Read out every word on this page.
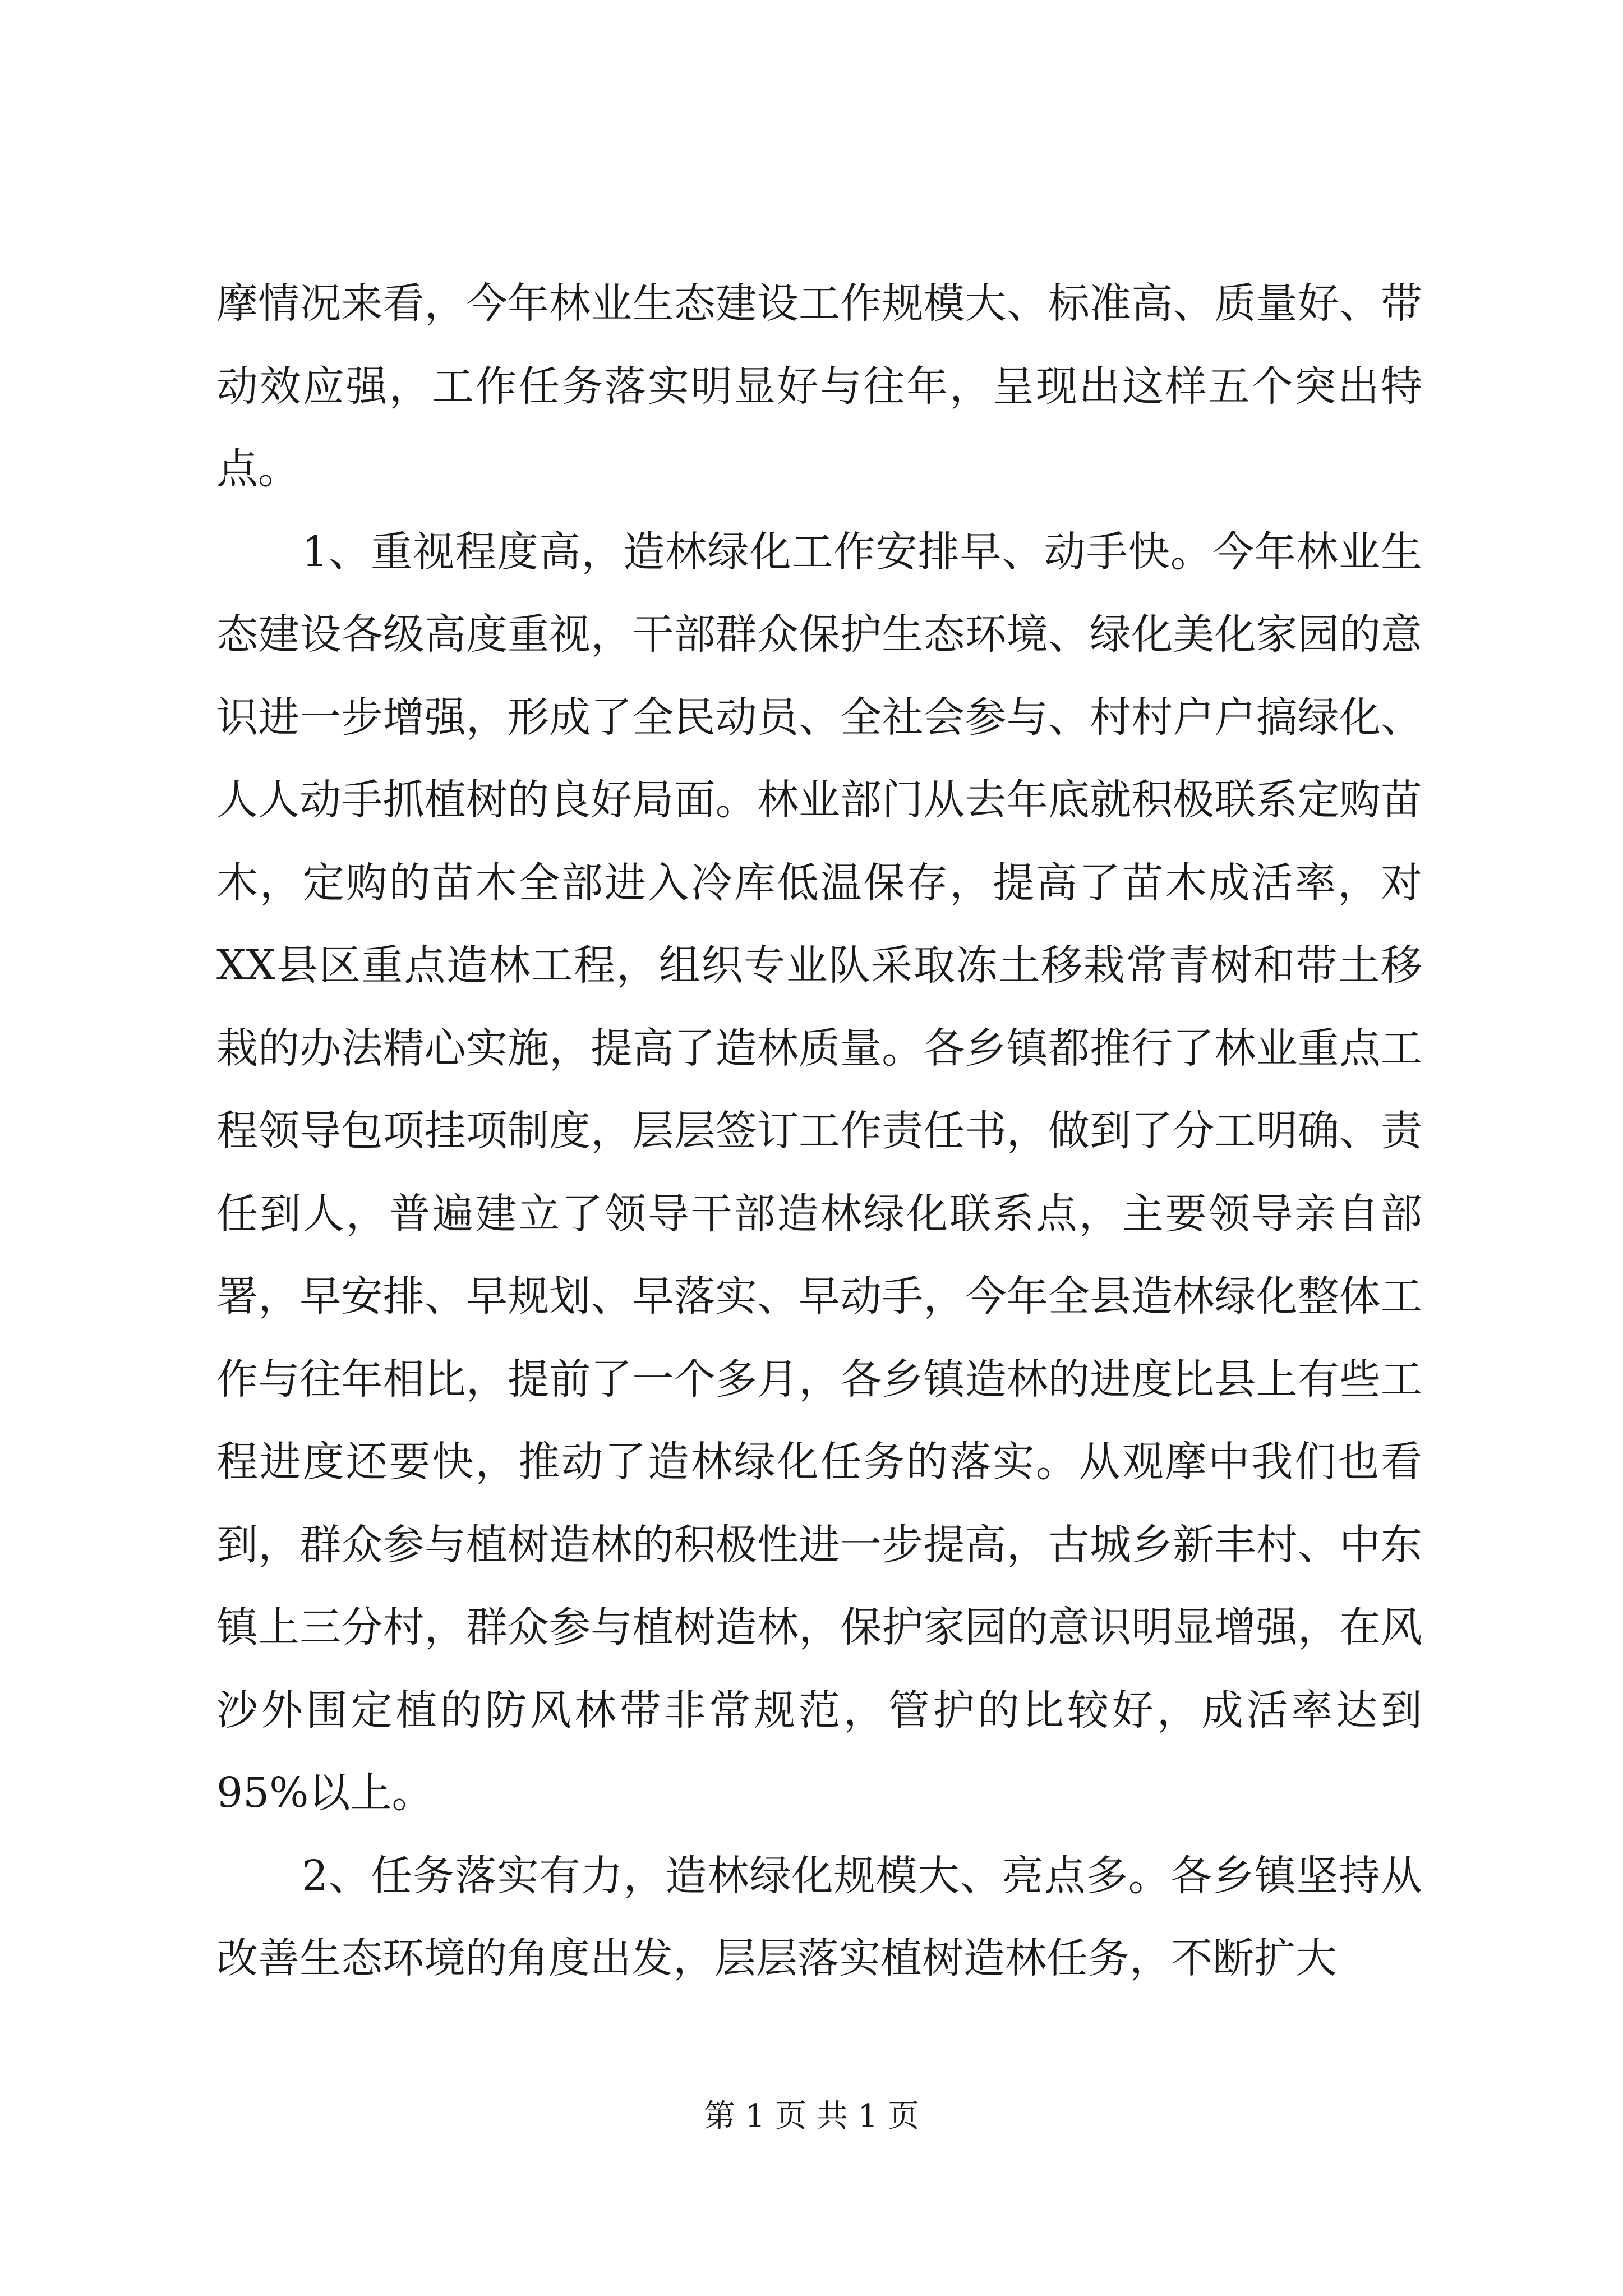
摩情况来看，今年林业生态建设工作规模大、标准高、质量好、带动效应强，工作任务落实明显好与往年，呈现出这样五个突出特点。

1、重视程度高，造林绿化工作安排早、动手快。今年林业生态建设各级高度重视，干部群众保护生态环境、绿化美化家园的意识进一步增强，形成了全民动员、全社会参与、村村户户搞绿化、人人动手抓植树的良好局面。林业部门从去年底就积极联系定购苗木，定购的苗木全部进入冷库低温保存，提高了苗木成活率，对XX县区重点造林工程，组织专业队采取冻土移栽常青树和带土移栽的办法精心实施，提高了造林质量。各乡镇都推行了林业重点工程领导包项挂项制度，层层签订工作责任书，做到了分工明确、责任到人，普遍建立了领导干部造林绿化联系点，主要领导亲自部署，早安排、早规划、早落实、早动手，今年全县造林绿化整体工作与往年相比，提前了一个多月，各乡镇造林的进度比县上有些工程进度还要快，推动了造林绿化任务的落实。从观摩中我们也看到，群众参与植树造林的积极性进一步提高，古城乡新丰村、中东镇上三分村，群众参与植树造林，保护家园的意识明显增强，在风沙外围定植的防风林带非常规范，管护的比较好，成活率达到95%以上。

2、任务落实有力，造林绿化规模大、亮点多。各乡镇坚持从改善生态环境的角度出发，层层落实植树造林任务，不断扩大

第 1 页 共 1 页
